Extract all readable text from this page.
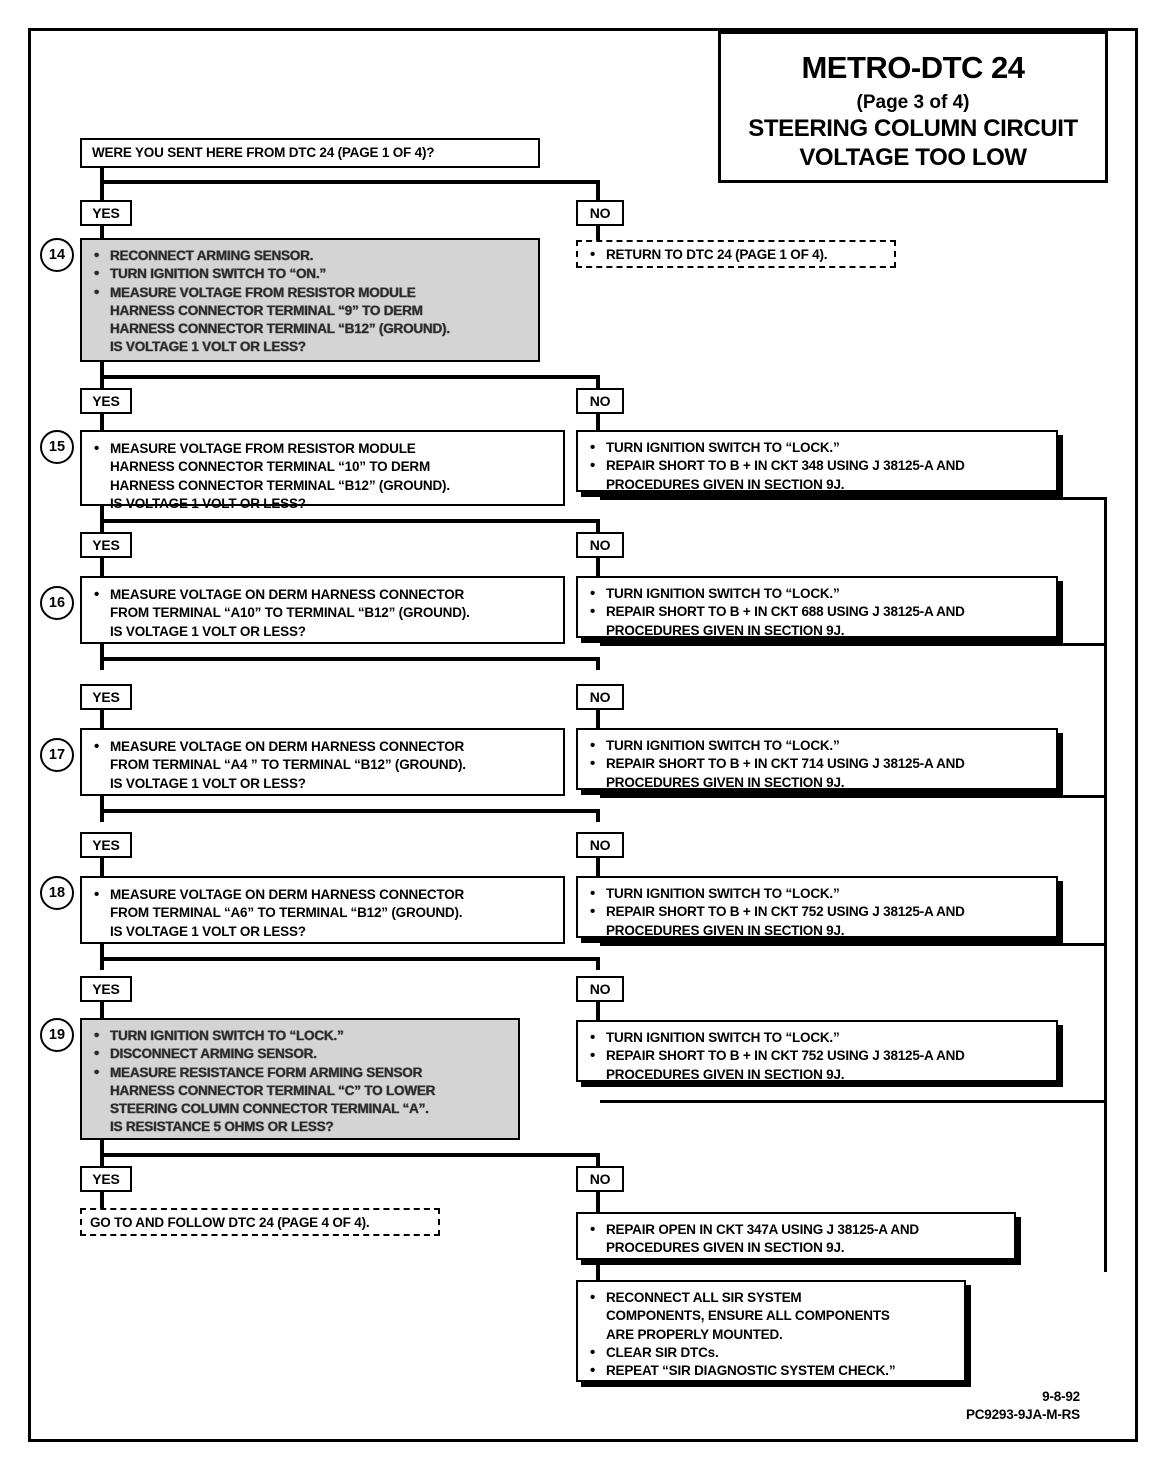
METRO-DTC 24
(Page 3 of 4)
STEERING COLUMN CIRCUIT
VOLTAGE TOO LOW
WERE YOU SENT HERE FROM DTC 24 (PAGE 1 OF 4)?
YES	NO
14	• RECONNECT ARMING SENSOR.
• TURN IGNITION SWITCH TO “ON.”
• MEASURE VOLTAGE FROM RESISTOR MODULE
HARNESS CONNECTOR TERMINAL “9” TO DERM
HARNESS CONNECTOR TERMINAL “B12” (GROUND).
IS VOLTAGE 1 VOLT OR LESS?
• RETURN TO DTC 24 (PAGE 1 OF 4).
YES	NO
15	• MEASURE VOLTAGE FROM RESISTOR MODULE
HARNESS CONNECTOR TERMINAL “10” TO DERM
HARNESS CONNECTOR TERMINAL “B12” (GROUND).
IS VOLTAGE 1 VOLT OR LESS?
• TURN IGNITION SWITCH TO “LOCK.”
• REPAIR SHORT TO B + IN CKT 348 USING J 38125-A AND
PROCEDURES GIVEN IN SECTION 9J.
YES	NO
16
• MEASURE VOLTAGE ON DERM HARNESS CONNECTOR
FROM TERMINAL “A10” TO TERMINAL “B12” (GROUND).
IS VOLTAGE 1 VOLT OR LESS?
• TURN IGNITION SWITCH TO “LOCK.”
• REPAIR SHORT TO B + IN CKT 688 USING J 38125-A AND
PROCEDURES GIVEN IN SECTION 9J.
YES	NO
17
• MEASURE VOLTAGE ON DERM HARNESS CONNECTOR
FROM TERMINAL “A4 ” TO TERMINAL “B12” (GROUND).
IS VOLTAGE 1 VOLT OR LESS?
• TURN IGNITION SWITCH TO “LOCK.”
• REPAIR SHORT TO B + IN CKT 714 USING J 38125-A AND
PROCEDURES GIVEN IN SECTION 9J.
YES	NO
18	• MEASURE VOLTAGE ON DERM HARNESS CONNECTOR
FROM TERMINAL “A6” TO TERMINAL “B12” (GROUND).
IS VOLTAGE 1 VOLT OR LESS?
• TURN IGNITION SWITCH TO “LOCK.”
• REPAIR SHORT TO B + IN CKT 752 USING J 38125-A AND
PROCEDURES GIVEN IN SECTION 9J.
YES	NO
19	• TURN IGNITION SWITCH TO “LOCK.”
• DISCONNECT ARMING SENSOR.
• MEASURE RESISTANCE FORM ARMING SENSOR
HARNESS CONNECTOR TERMINAL “C” TO LOWER
STEERING COLUMN CONNECTOR TERMINAL “A”.
IS RESISTANCE 5 OHMS OR LESS?
• TURN IGNITION SWITCH TO “LOCK.”
• REPAIR SHORT TO B + IN CKT 752 USING J 38125-A AND
PROCEDURES GIVEN IN SECTION 9J.
YES	NO
GO TO AND FOLLOW DTC 24 (PAGE 4 OF 4).	• REPAIR OPEN IN CKT 347A USING J 38125-A AND
PROCEDURES GIVEN IN SECTION 9J.
• RECONNECT ALL SIR SYSTEM
COMPONENTS, ENSURE ALL COMPONENTS
ARE PROPERLY MOUNTED.
• CLEAR SIR DTCs.
• REPEAT “SIR DIAGNOSTIC SYSTEM CHECK.”
9-8-92
PC9293-9JA-M-RS
